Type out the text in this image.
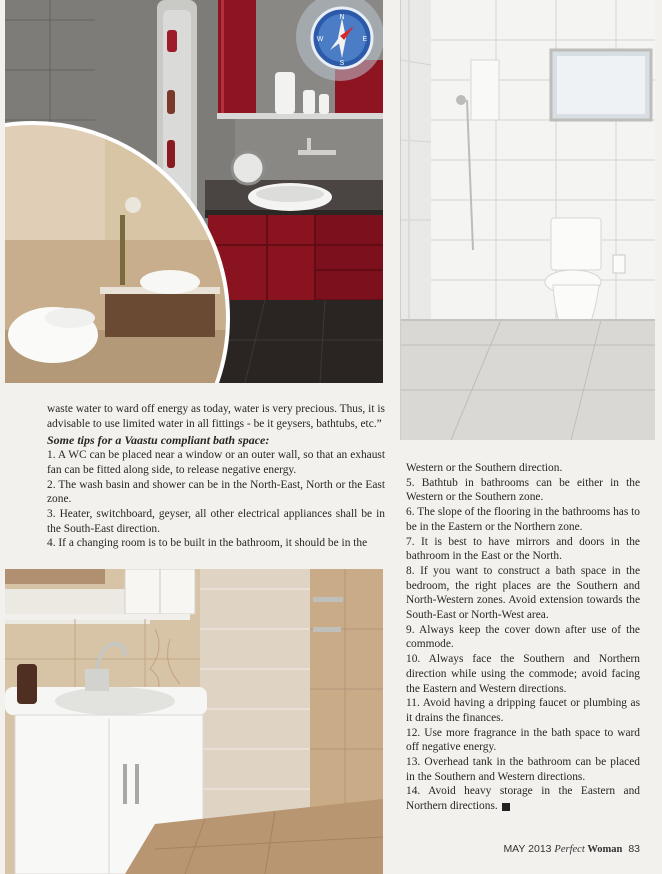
N
S
W	E

waste water to ward off energy as today, water is very precious. Thus, it is advisable to use limited water in all fittings - be it geysers, bathtubs, etc.”

Some tips for a Vaastu compliant bath space:

1. A WC can be placed near a window or an outer wall, so that an exhaust fan can be fitted along side, to release negative energy.

2. The wash basin and shower can be in the North-East, North or the East zone.

3. Heater, switchboard, geyser, all other electrical appliances shall be in the South-East direction.

4. If a changing room is to be built in the bathroom, it should be in the

Western or the Southern direction.

5. Bathtub in bathrooms can be either in the Western or the Southern zone.

6. The slope of the flooring in the bathrooms has to be in the Eastern or the Northern zone.

7. It is best to have mirrors and doors in the bathroom in the East or the North.

8. If you want to construct a bath space in the bedroom, the right places are the Southern and North-Western zones. Avoid extension towards the South-East or North-West area.

9. Always keep the cover down after use of the commode.

10. Always face the Southern and Northern direction while using the commode; avoid facing the Eastern and Western directions.

11. Avoid having a dripping faucet or plumbing as it drains the finances.

12. Use more fragrance in the bath space to ward off negative energy.

13. Overhead tank in the bathroom can be placed in the Southern and Western directions.

14. Avoid heavy storage in the Eastern and Northern directions.

MAY 2013 Perfect Woman 83
